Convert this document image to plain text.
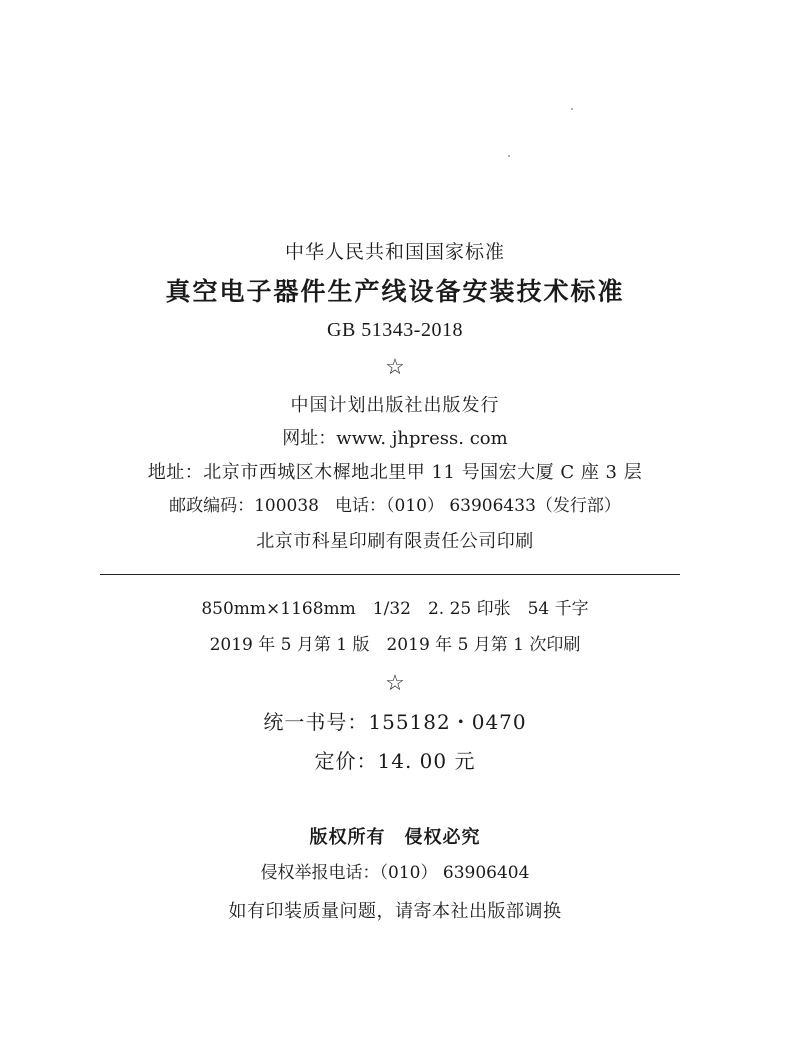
中华人民共和国国家标准
真空电子器件生产线设备安装技术标准
GB 51343-2018
☆
中国计划出版社出版发行
网址：www. jhpress. com
地址：北京市西城区木樨地北里甲 11 号国宏大厦 C 座 3 层
邮政编码：100038 电话：（010） 63906433（发行部）
北京市科星印刷有限责任公司印刷
850mm×1168mm　1/32　2. 25 印张　54 千字
2019 年 5 月第 1 版　2019 年 5 月第 1 次印刷
☆
统一书号：155182・0470
定价：14. 00 元
版权所有　侵权必究
侵权举报电话：（010） 63906404
如有印装质量问题，请寄本社出版部调换
